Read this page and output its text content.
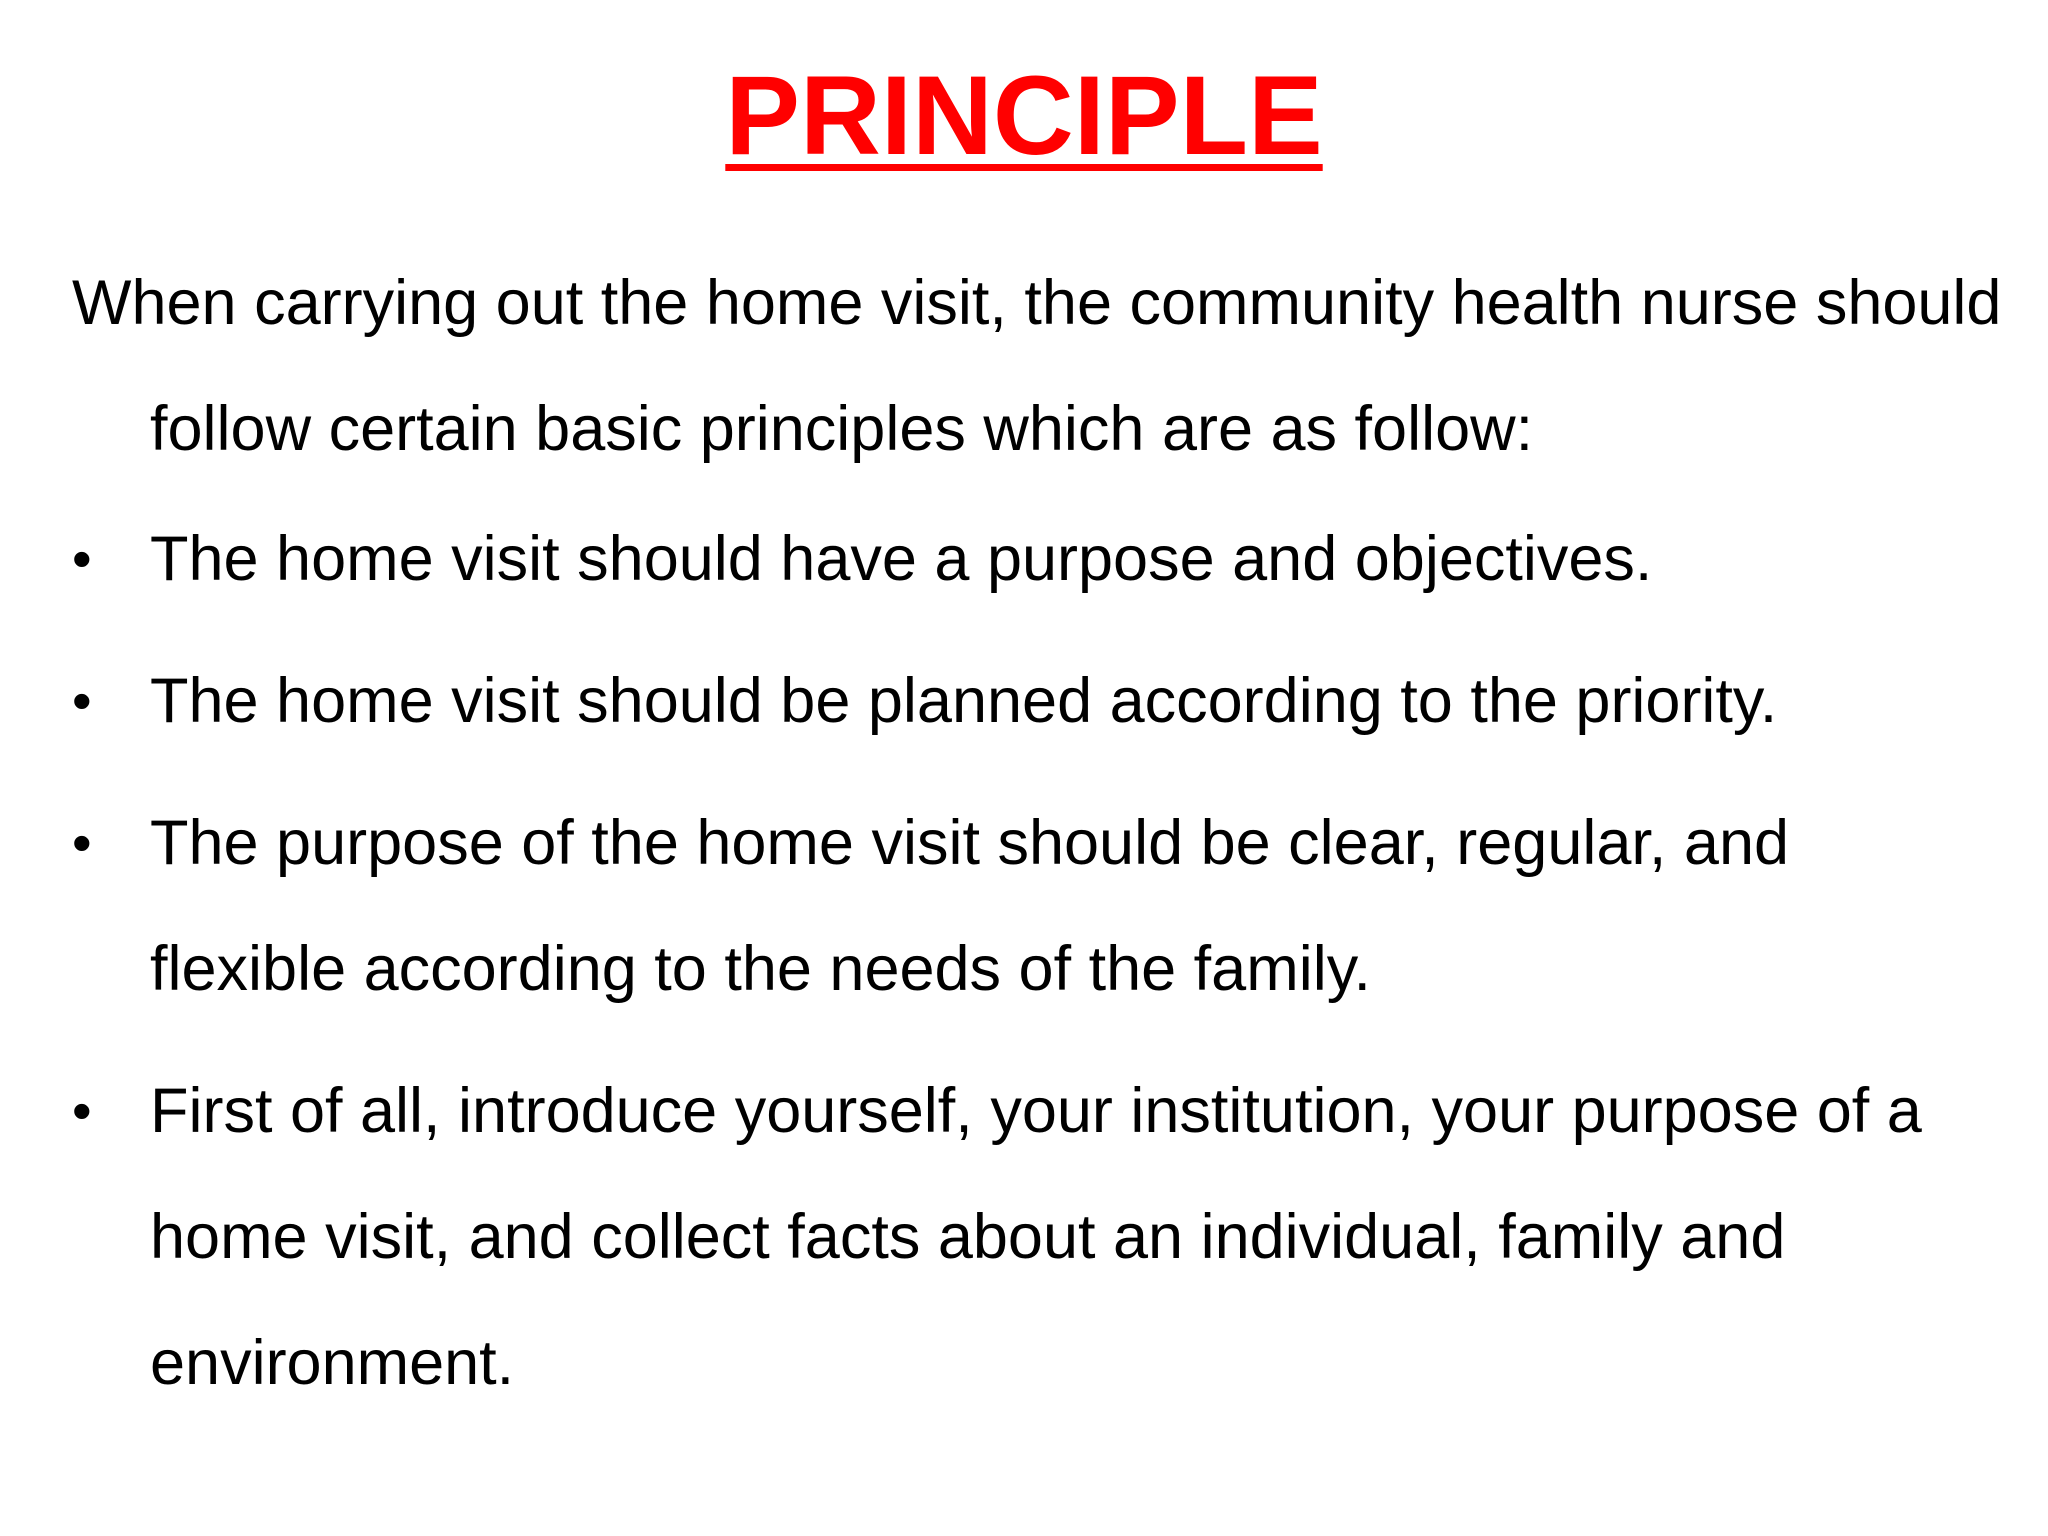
PRINCIPLE

When carrying out the home visit, the community health nurse should follow certain basic principles which are as follow:

• The home visit should have a purpose and objectives.

• The home visit should be planned according to the priority.

• The purpose of the home visit should be clear, regular, and flexible according to the needs of the family.

• First of all, introduce yourself, your institution, your purpose of a home visit, and collect facts about an individual, family and environment.
